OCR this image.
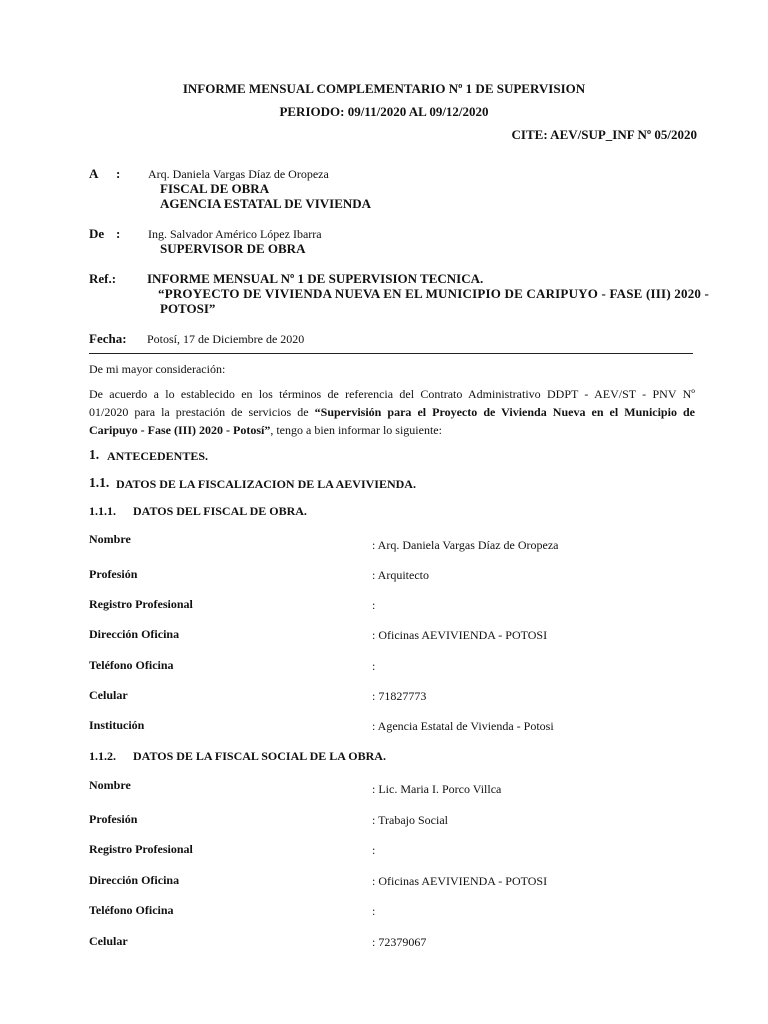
INFORME MENSUAL COMPLEMENTARIO Nº 1 DE SUPERVISION
PERIODO: 09/11/2020 AL 09/12/2020
CITE: AEV/SUP_INF Nº 05/2020
A : Arq. Daniela Vargas Díaz de Oropeza
FISCAL DE OBRA
AGENCIA ESTATAL DE VIVIENDA
De : Ing. Salvador Américo López Ibarra
SUPERVISOR DE OBRA
Ref.: INFORME MENSUAL Nº 1 DE SUPERVISION TECNICA.
“PROYECTO DE VIVIENDA NUEVA EN EL MUNICIPIO DE CARIPUYO - FASE (III) 2020 -
POTOSI”
Fecha: Potosí, 17 de Diciembre de 2020
De mi mayor consideración:
De acuerdo a lo establecido en los términos de referencia del Contrato Administrativo DDPT - AEV/ST - PNV Nº
01/2020 para la prestación de servicios de “Supervisión para el Proyecto de Vivienda Nueva en el Municipio de
Caripuyo - Fase (III) 2020 - Potosí”, tengo a bien informar lo siguiente:
1. ANTECEDENTES.
1.1. DATOS DE LA FISCALIZACION DE LA AEVIVIENDA.
1.1.1. DATOS DEL FISCAL DE OBRA.
Nombre	: Arq. Daniela Vargas Díaz de Oropeza
Profesión	: Arquitecto
Registro Profesional	:
Dirección Oficina	: Oficinas AEVIVIENDA - POTOSI
Teléfono Oficina	:
Celular	: 71827773
Institución	: Agencia Estatal de Vivienda - Potosi
1.1.2. DATOS DE LA FISCAL SOCIAL DE LA OBRA.
Nombre	: Lic. Maria I. Porco Villca
Profesión	: Trabajo Social
Registro Profesional	:
Dirección Oficina	: Oficinas AEVIVIENDA - POTOSI
Teléfono Oficina	:
Celular	: 72379067
